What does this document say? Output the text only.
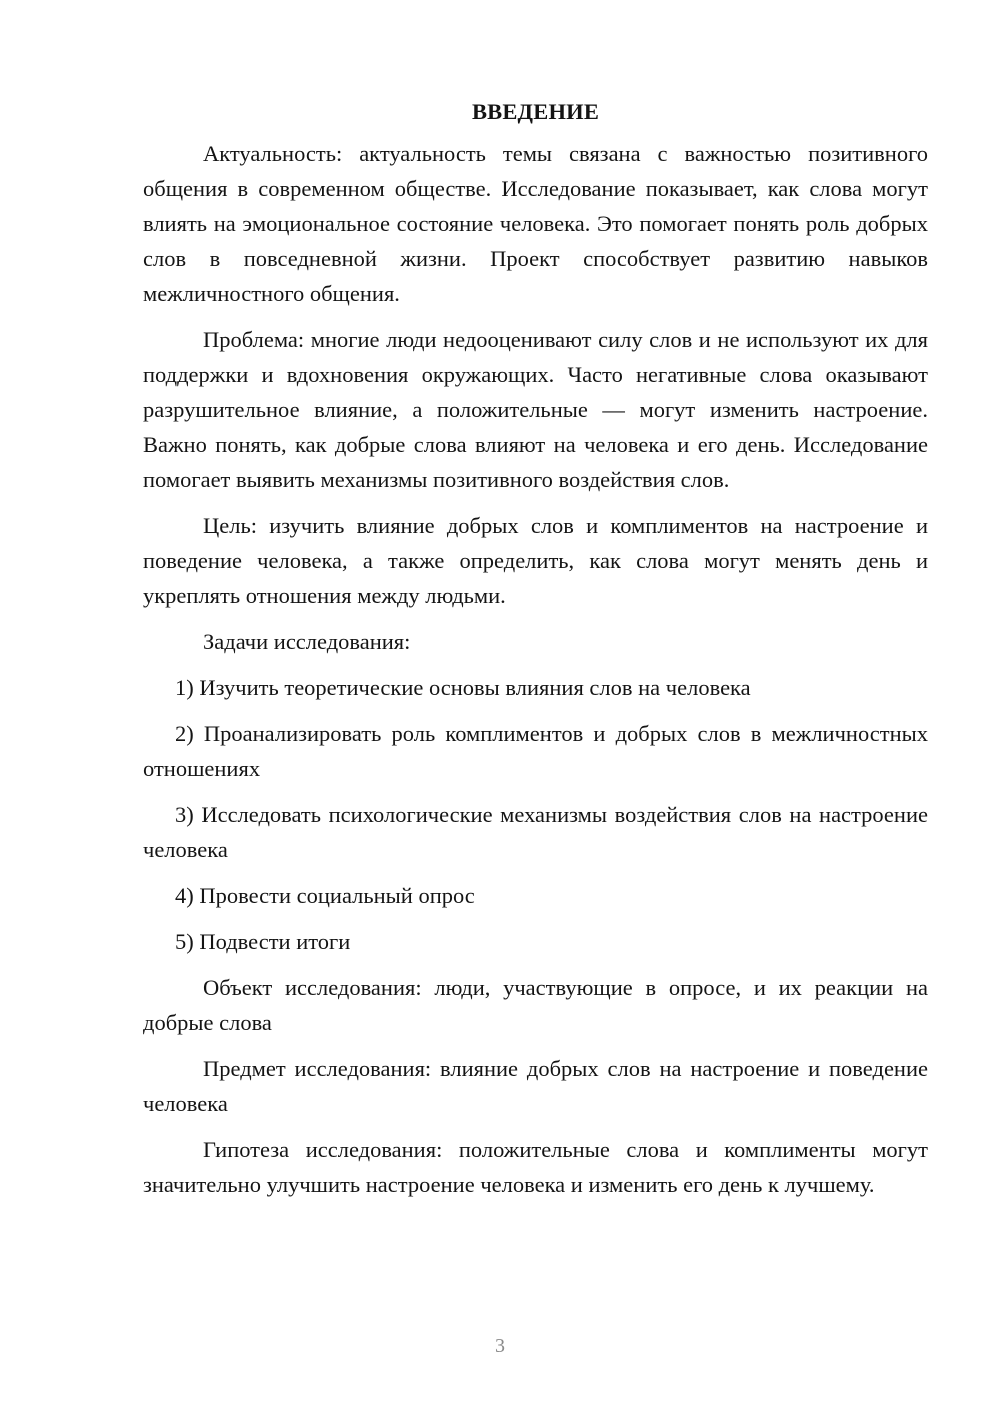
ВВЕДЕНИЕ

Актуальность: актуальность темы связана с важностью позитивного общения в современном обществе. Исследование показывает, как слова могут влиять на эмоциональное состояние человека. Это помогает понять роль добрых слов в повседневной жизни. Проект способствует развитию навыков межличностного общения.

Проблема: многие люди недооценивают силу слов и не используют их для поддержки и вдохновения окружающих. Часто негативные слова оказывают разрушительное влияние, а положительные — могут изменить настроение. Важно понять, как добрые слова влияют на человека и его день. Исследование помогает выявить механизмы позитивного воздействия слов.

Цель: изучить влияние добрых слов и комплиментов на настроение и поведение человека, а также определить, как слова могут менять день и укреплять отношения между людьми.

Задачи исследования:

1) Изучить теоретические основы влияния слов на человека

2) Проанализировать роль комплиментов и добрых слов в межличностных отношениях

3) Исследовать психологические механизмы воздействия слов на настроение человека

4) Провести социальный опрос

5) Подвести итоги

Объект исследования: люди, участвующие в опросе, и их реакции на добрые слова

Предмет исследования: влияние добрых слов на настроение и поведение человека

Гипотеза исследования: положительные слова и комплименты могут значительно улучшить настроение человека и изменить его день к лучшему.

3
